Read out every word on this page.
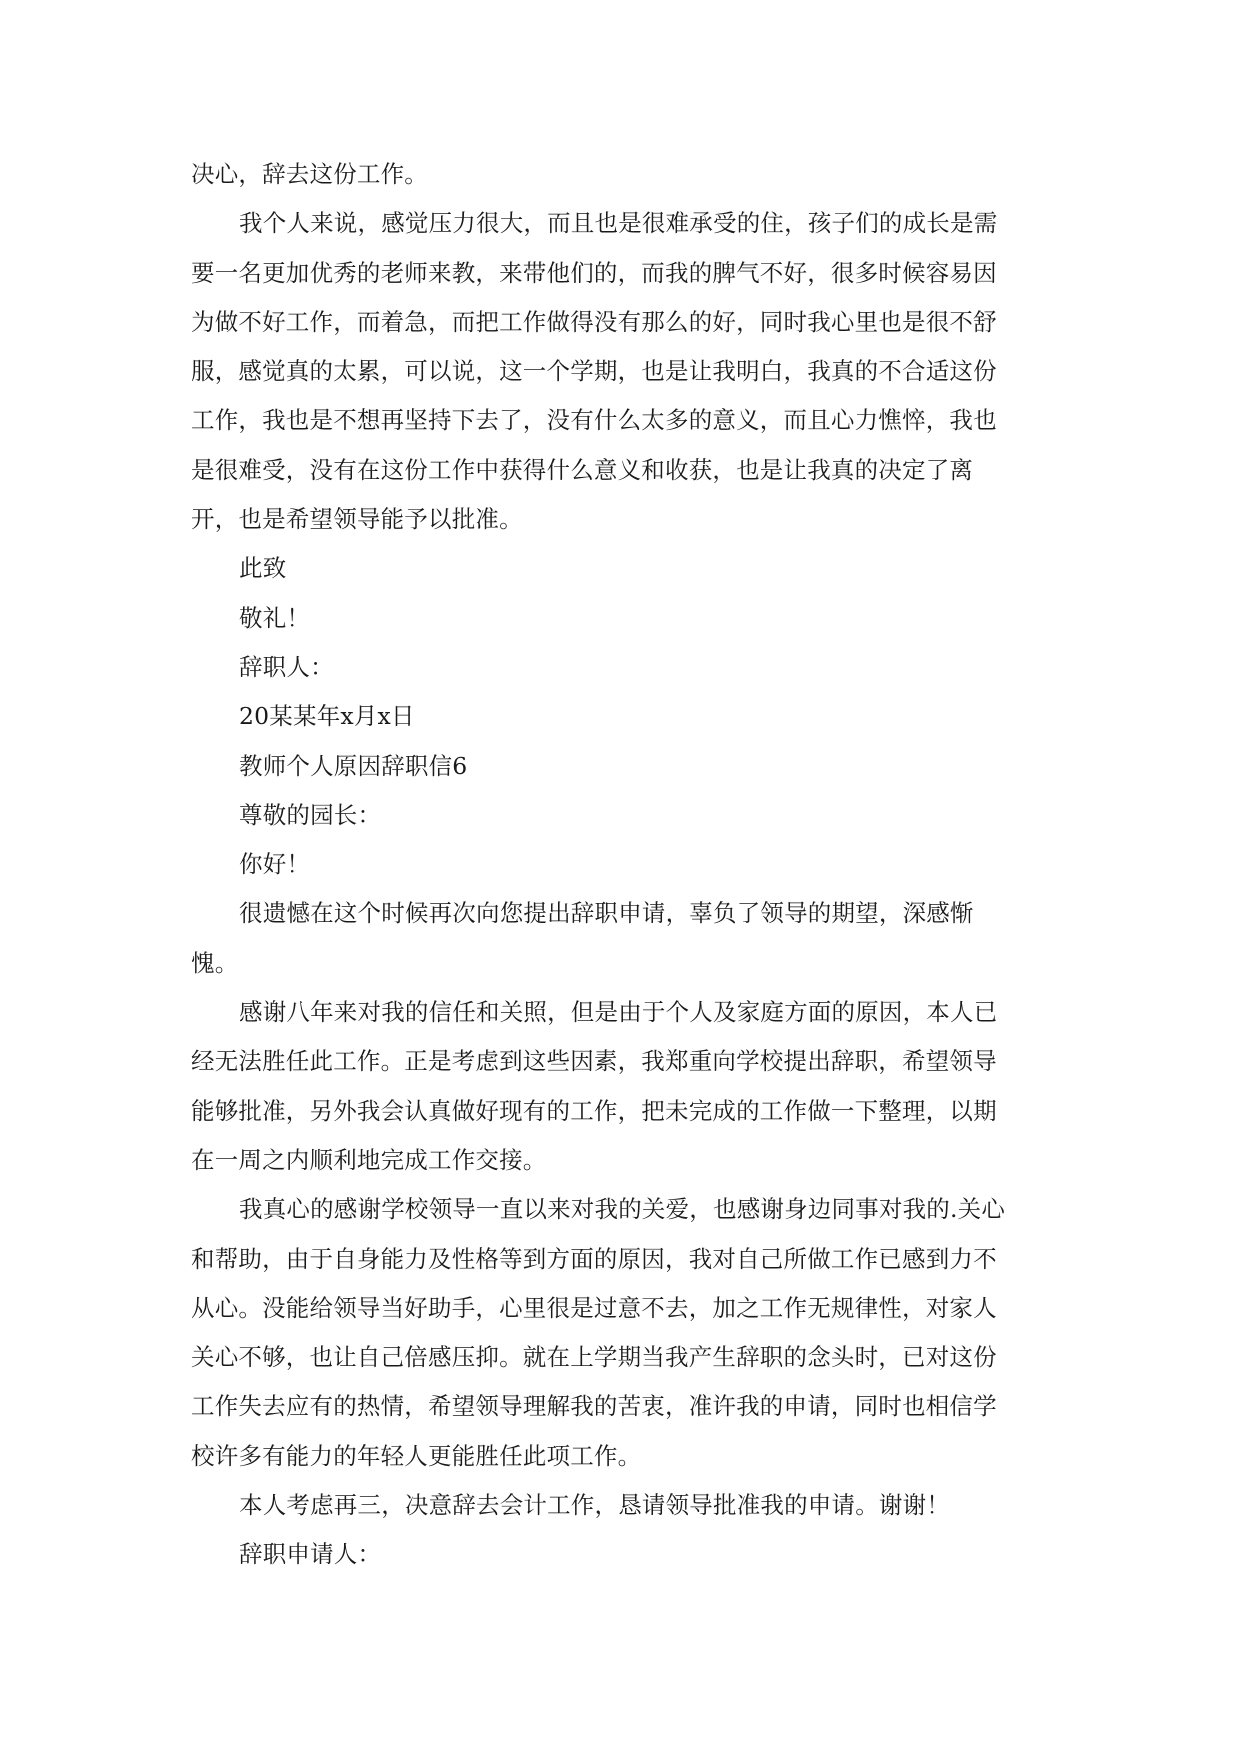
决心，辞去这份工作。
我个人来说，感觉压力很大，而且也是很难承受的住，孩子们的成长是需
要一名更加优秀的老师来教，来带他们的，而我的脾气不好，很多时候容易因
为做不好工作，而着急，而把工作做得没有那么的好，同时我心里也是很不舒
服，感觉真的太累，可以说，这一个学期，也是让我明白，我真的不合适这份
工作，我也是不想再坚持下去了，没有什么太多的意义，而且心力憔悴，我也
是很难受，没有在这份工作中获得什么意义和收获，也是让我真的决定了离
开，也是希望领导能予以批准。
此致
敬礼！
辞职人：
20某某年x月x日
教师个人原因辞职信6
尊敬的园长：
你好！
很遗憾在这个时候再次向您提出辞职申请，辜负了领导的期望，深感惭
愧。
感谢八年来对我的信任和关照，但是由于个人及家庭方面的原因，本人已
经无法胜任此工作。正是考虑到这些因素，我郑重向学校提出辞职，希望领导
能够批准，另外我会认真做好现有的工作，把未完成的工作做一下整理，以期
在一周之内顺利地完成工作交接。
我真心的感谢学校领导一直以来对我的关爱，也感谢身边同事对我的.关心
和帮助，由于自身能力及性格等到方面的原因，我对自己所做工作已感到力不
从心。没能给领导当好助手，心里很是过意不去，加之工作无规律性，对家人
关心不够，也让自己倍感压抑。就在上学期当我产生辞职的念头时，已对这份
工作失去应有的热情，希望领导理解我的苦衷，准许我的申请，同时也相信学
校许多有能力的年轻人更能胜任此项工作。
本人考虑再三，决意辞去会计工作，恳请领导批准我的申请。谢谢！
辞职申请人：
